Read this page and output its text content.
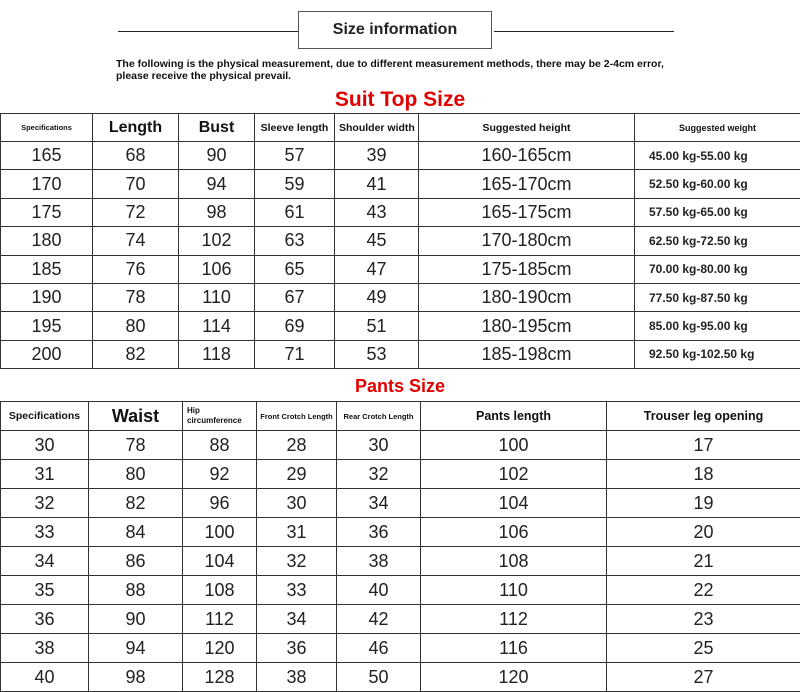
Size information
The following is the physical measurement, due to different measurement methods, there may be 2-4cm error, please receive the physical prevail.
Suit Top Size
Specifications	Length	Bust	Sleeve length	Shoulder width	Suggested height	Suggested weight
165	68	90	57	39	160-165cm	45.00 kg-55.00 kg
170	70	94	59	41	165-170cm	52.50 kg-60.00 kg
175	72	98	61	43	165-175cm	57.50 kg-65.00 kg
180	74	102	63	45	170-180cm	62.50 kg-72.50 kg
185	76	106	65	47	175-185cm	70.00 kg-80.00 kg
190	78	110	67	49	180-190cm	77.50 kg-87.50 kg
195	80	114	69	51	180-195cm	85.00 kg-95.00 kg
200	82	118	71	53	185-198cm	92.50 kg-102.50 kg
Pants Size
Specifications	Waist	Hip circumference	Front Crotch Length	Rear Crotch Length	Pants length	Trouser leg opening
30	78	88	28	30	100	17
31	80	92	29	32	102	18
32	82	96	30	34	104	19
33	84	100	31	36	106	20
34	86	104	32	38	108	21
35	88	108	33	40	110	22
36	90	112	34	42	112	23
38	94	120	36	46	116	25
40	98	128	38	50	120	27
